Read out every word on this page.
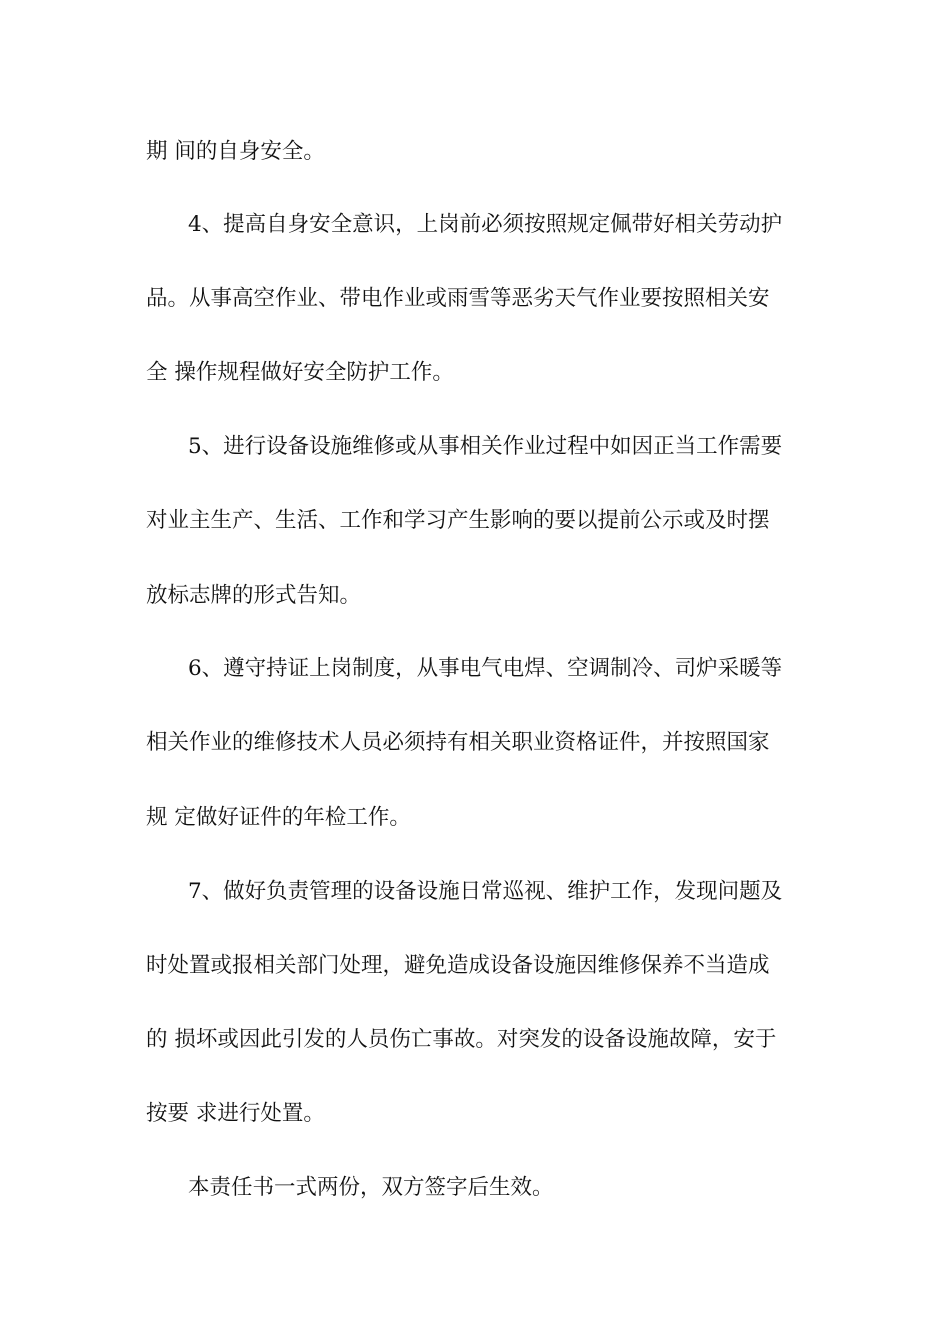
期 间的自身安全。
4、提高自身安全意识，上岗前必须按照规定佩带好相关劳动护
品。从事高空作业、带电作业或雨雪等恶劣天气作业要按照相关安
全 操作规程做好安全防护工作。
5、进行设备设施维修或从事相关作业过程中如因正当工作需要
对业主生产、生活、工作和学习产生影响的要以提前公示或及时摆
放标志牌的形式告知。
6、遵守持证上岗制度，从事电气电焊、空调制冷、司炉采暖等
相关作业的维修技术人员必须持有相关职业资格证件，并按照国家
规 定做好证件的年检工作。
7、做好负责管理的设备设施日常巡视、维护工作，发现问题及
时处置或报相关部门处理，避免造成设备设施因维修保养不当造成
的 损坏或因此引发的人员伤亡事故。对突发的设备设施故障，安于
按要 求进行处置。
本责任书一式两份，双方签字后生效。
